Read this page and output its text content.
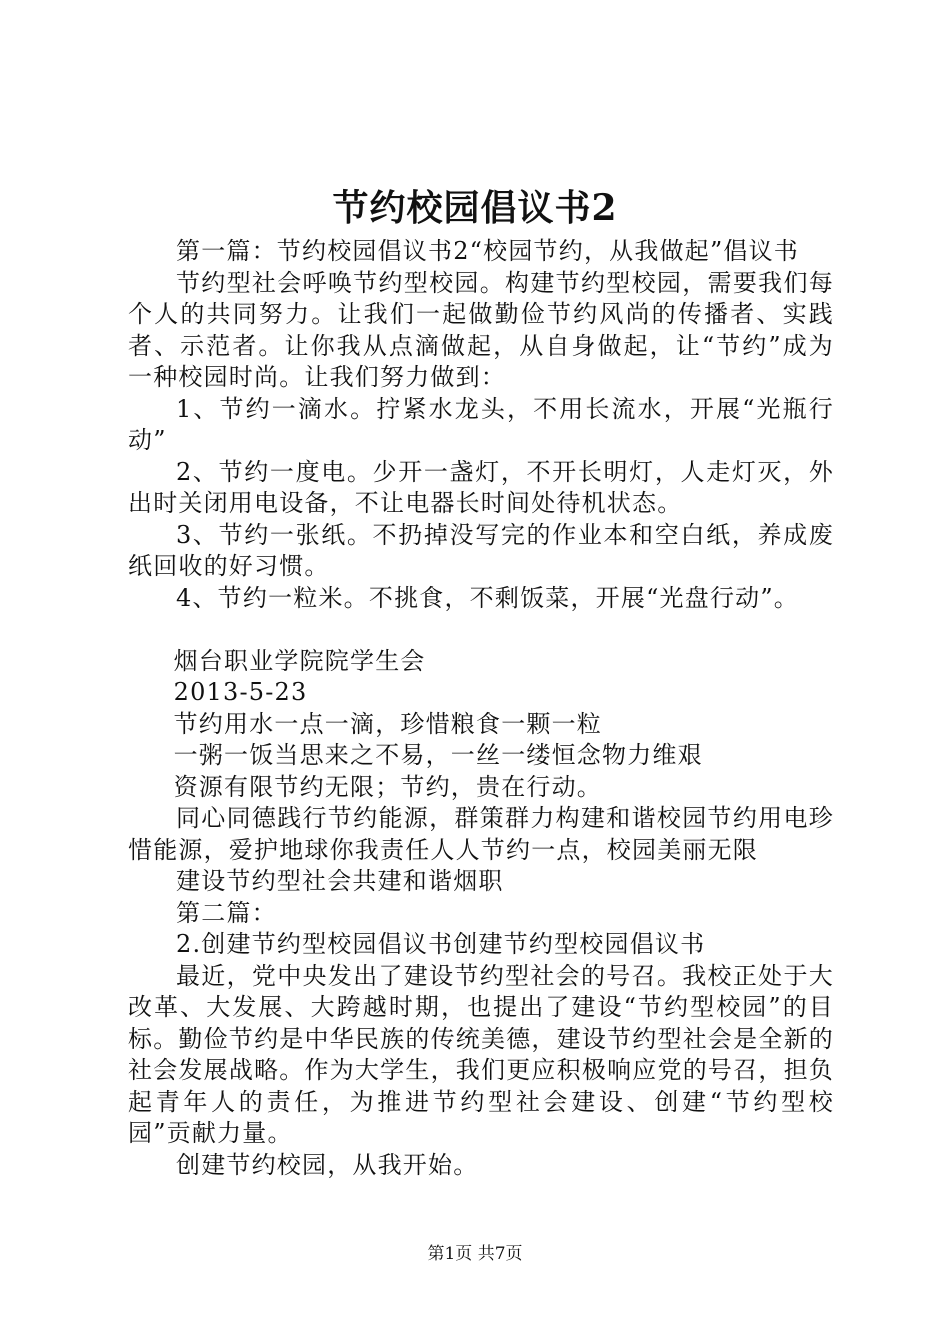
节约校园倡议书2

第一篇：节约校园倡议书2“校园节约，从我做起”倡议书

节约型社会呼唤节约型校园。构建节约型校园，需要我们每个人的共同努力。让我们一起做勤俭节约风尚的传播者、实践者、示范者。让你我从点滴做起，从自身做起，让“节约”成为一种校园时尚。让我们努力做到：

1、节约一滴水。拧紧水龙头，不用长流水，开展“光瓶行动”

2、节约一度电。少开一盏灯，不开长明灯，人走灯灭，外出时关闭用电设备，不让电器长时间处待机状态。

3、节约一张纸。不扔掉没写完的作业本和空白纸，养成废纸回收的好习惯。

4、节约一粒米。不挑食，不剩饭菜，开展“光盘行动”。

烟台职业学院院学生会

2013-5-23

节约用水一点一滴，珍惜粮食一颗一粒

一粥一饭当思来之不易，一丝一缕恒念物力维艰

资源有限节约无限；节约，贵在行动。

同心同德践行节约能源，群策群力构建和谐校园节约用电珍惜能源，爱护地球你我责任人人节约一点，校园美丽无限

建设节约型社会共建和谐烟职

第二篇：

2.创建节约型校园倡议书创建节约型校园倡议书

最近，党中央发出了建设节约型社会的号召。我校正处于大改革、大发展、大跨越时期，也提出了建设“节约型校园”的目标。勤俭节约是中华民族的传统美德，建设节约型社会是全新的社会发展战略。作为大学生，我们更应积极响应党的号召，担负起青年人的责任，为推进节约型社会建设、创建“节约型校园”贡献力量。

创建节约校园，从我开始。

第1页 共7页
